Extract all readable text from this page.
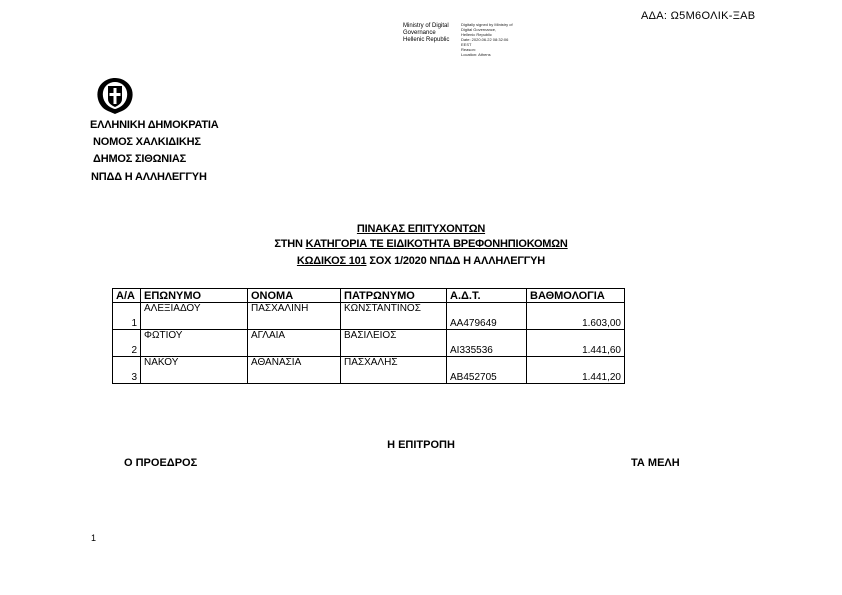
ΑΔΑ: Ω5Μ6ΟΛΙΚ-ΞΑΒ
Ministry of Digital
Governance
Hellenic Republic
Digitally signed by Ministry of
Digital Governance,
Hellenic Republic
Date: 2020.06.22 08:32:06
EEST
Reason:
Location: Athens
ΕΛΛΗΝΙΚΗ ΔΗΜΟΚΡΑΤΙΑ
ΝΟΜΟΣ ΧΑΛΚΙΔΙΚΗΣ
ΔΗΜΟΣ ΣΙΘΩΝΙΑΣ
ΝΠΔΔ Η ΑΛΛΗΛΕΓΓΥΗ
ΠΙΝΑΚΑΣ ΕΠΙΤΥΧΟΝΤΩΝ
ΣΤΗΝ ΚΑΤΗΓΟΡΙΑ ΤΕ ΕΙΔΙΚΟΤΗΤΑ ΒΡΕΦΟΝΗΠΙΟΚΟΜΩΝ
ΚΩΔΙΚΟΣ 101 ΣΟΧ 1/2020 ΝΠΔΔ Η ΑΛΛΗΛΕΓΓΥΗ
Α/Α	ΕΠΩΝΥΜΟ	ΟΝΟΜΑ	ΠΑΤΡΩΝΥΜΟ	Α.Δ.Τ.	ΒΑΘΜΟΛΟΓΙΑ
1	ΑΛΕΞΙΑΔΟΥ	ΠΑΣΧΑΛΙΝΗ	ΚΩΝΣΤΑΝΤΙΝΟΣ	ΑΑ479649	1.603,00
2	ΦΩΤΙΟΥ	ΑΓΛΑΙΑ	ΒΑΣΙΛΕΙΟΣ	ΑΙ335536	1.441,60
3	ΝΑΚΟΥ	ΑΘΑΝΑΣΙΑ	ΠΑΣΧΑΛΗΣ	ΑΒ452705	1.441,20
Η ΕΠΙΤΡΟΠΗ
Ο ΠΡΟΕΔΡΟΣ	ΤΑ ΜΕΛΗ
1
